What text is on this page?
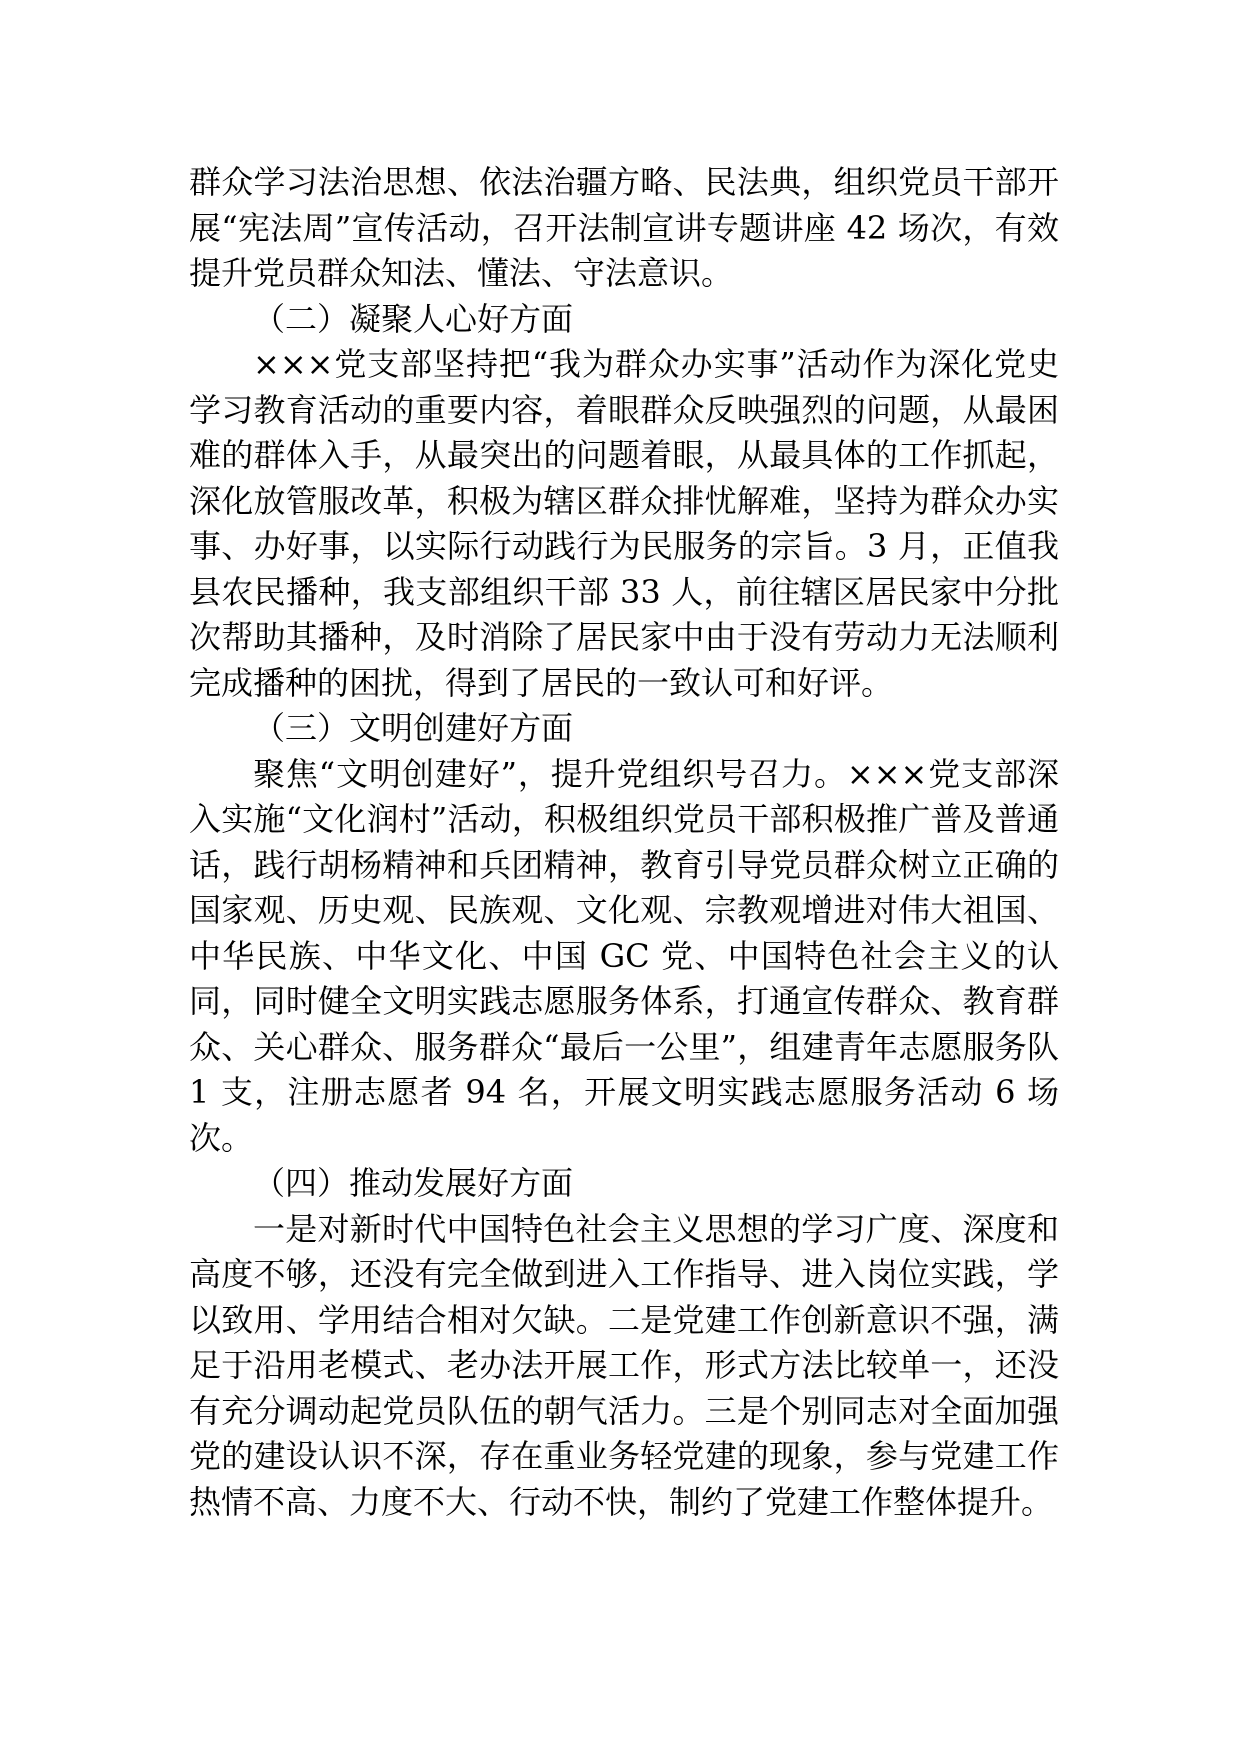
群众学习法治思想、依法治疆方略、民法典，组织党员干部开展“宪法周”宣传活动，召开法制宣讲专题讲座 42 场次，有效提升党员群众知法、懂法、守法意识。

（二）凝聚人心好方面

×××党支部坚持把“我为群众办实事”活动作为深化党史学习教育活动的重要内容，着眼群众反映强烈的问题，从最困难的群体入手，从最突出的问题着眼，从最具体的工作抓起，深化放管服改革，积极为辖区群众排忧解难，坚持为群众办实事、办好事，以实际行动践行为民服务的宗旨。3 月，正值我县农民播种，我支部组织干部 33 人，前往辖区居民家中分批次帮助其播种，及时消除了居民家中由于没有劳动力无法顺利完成播种的困扰，得到了居民的一致认可和好评。

（三）文明创建好方面

聚焦“文明创建好”，提升党组织号召力。×××党支部深入实施“文化润村”活动，积极组织党员干部积极推广普及普通话，践行胡杨精神和兵团精神，教育引导党员群众树立正确的国家观、历史观、民族观、文化观、宗教观增进对伟大祖国、中华民族、中华文化、中国 GC 党、中国特色社会主义的认同，同时健全文明实践志愿服务体系，打通宣传群众、教育群众、关心群众、服务群众“最后一公里”，组建青年志愿服务队 1 支，注册志愿者 94 名，开展文明实践志愿服务活动 6 场次。

（四）推动发展好方面

一是对新时代中国特色社会主义思想的学习广度、深度和高度不够，还没有完全做到进入工作指导、进入岗位实践，学以致用、学用结合相对欠缺。二是党建工作创新意识不强，满足于沿用老模式、老办法开展工作，形式方法比较单一，还没有充分调动起党员队伍的朝气活力。三是个别同志对全面加强党的建设认识不深，存在重业务轻党建的现象，参与党建工作热情不高、力度不大、行动不快，制约了党建工作整体提升。
